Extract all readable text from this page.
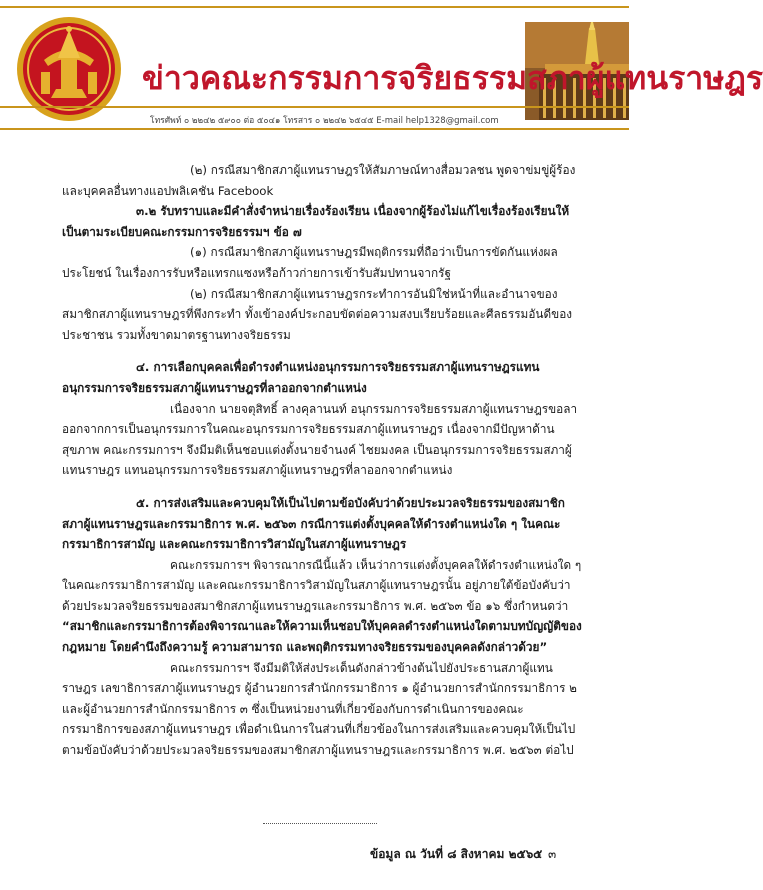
ข่าวคณะกรรมการจริยธรรมสภาผู้แทนราษฎร
โทรศัพท์ ๐ ๒๒๔๒ ๕๙๐๐ ต่อ ๕๐๔๑ โทรสาร ๐ ๒๒๔๒ ๖๕๔๕ E-mail help1328@gmail.com

(๒) กรณีสมาชิกสภาผู้แทนราษฎรให้สัมภาษณ์ทางสื่อมวลชน พูดจาข่มขู่ผู้ร้องและบุคคลอื่นทางแอปพลิเคชัน Facebook

๓.๒ รับทราบและมีคำสั่งจำหน่ายเรื่องร้องเรียน เนื่องจากผู้ร้องไม่แก้ไขเรื่องร้องเรียนให้เป็นตามระเบียบคณะกรรมการจริยธรรมฯ ข้อ ๗

(๑) กรณีสมาชิกสภาผู้แทนราษฎรมีพฤติกรรมที่ถือว่าเป็นการขัดกันแห่งผลประโยชน์ ในเรื่องการรับหรือแทรกแซงหรือก้าวก่ายการเข้ารับสัมปทานจากรัฐ

(๒) กรณีสมาชิกสภาผู้แทนราษฎรกระทำการอันมิใช่หน้าที่และอำนาจของสมาชิกสภาผู้แทนราษฎรที่พึงกระทำ ทั้งเข้าองค์ประกอบขัดต่อความสงบเรียบร้อยและศีลธรรมอันดีของประชาชน รวมทั้งขาดมาตรฐานทางจริยธรรม

๔. การเลือกบุคคลเพื่อดำรงตำแหน่งอนุกรรมการจริยธรรมสภาผู้แทนราษฎรแทนอนุกรรมการจริยธรรมสภาผู้แทนราษฎรที่ลาออกจากตำแหน่ง

เนื่องจาก นายจตุสิทธิ์ ลางคุลานนท์ อนุกรรมการจริยธรรมสภาผู้แทนราษฎรขอลาออกจากการเป็นอนุกรรมการในคณะอนุกรรมการจริยธรรมสภาผู้แทนราษฎร เนื่องจากมีปัญหาด้านสุขภาพ คณะกรรมการฯ จึงมีมติเห็นชอบแต่งตั้งนายจำนงค์ ไชยมงคล เป็นอนุกรรมการจริยธรรมสภาผู้แทนราษฎร แทนอนุกรรมการจริยธรรมสภาผู้แทนราษฎรที่ลาออกจากตำแหน่ง

๕. การส่งเสริมและควบคุมให้เป็นไปตามข้อบังคับว่าด้วยประมวลจริยธรรมของสมาชิกสภาผู้แทนราษฎรและกรรมาธิการ พ.ศ. ๒๕๖๓ กรณีการแต่งตั้งบุคคลให้ดำรงตำแหน่งใด ๆ ในคณะกรรมาธิการสามัญ และคณะกรรมาธิการวิสามัญในสภาผู้แทนราษฎร

คณะกรรมการฯ พิจารณากรณีนี้แล้ว เห็นว่าการแต่งตั้งบุคคลให้ดำรงตำแหน่งใด ๆ ในคณะกรรมาธิการสามัญ และคณะกรรมาธิการวิสามัญในสภาผู้แทนราษฎรนั้น อยู่ภายใต้ข้อบังคับว่าด้วยประมวลจริยธรรมของสมาชิกสภาผู้แทนราษฎรและกรรมาธิการ พ.ศ. ๒๕๖๓ ข้อ ๑๖ ซึ่งกำหนดว่า “สมาชิกและกรรมาธิการต้องพิจารณาและให้ความเห็นชอบให้บุคคลดำรงตำแหน่งใดตามบทบัญญัติของกฎหมาย โดยคำนึงถึงความรู้ ความสามารถ และพฤติกรรมทางจริยธรรมของบุคคลดังกล่าวด้วย”

คณะกรรมการฯ จึงมีมติให้ส่งประเด็นดังกล่าวข้างต้นไปยังประธานสภาผู้แทนราษฎร เลขาธิการสภาผู้แทนราษฎร ผู้อำนวยการสำนักกรรมาธิการ ๑ ผู้อำนวยการสำนักกรรมาธิการ ๒ และผู้อำนวยการสำนักกรรมาธิการ ๓ ซึ่งเป็นหน่วยงานที่เกี่ยวข้องกับการดำเนินการของคณะกรรมาธิการของสภาผู้แทนราษฎร เพื่อดำเนินการในส่วนที่เกี่ยวข้องในการส่งเสริมและควบคุมให้เป็นไปตามข้อบังคับว่าด้วยประมวลจริยธรรมของสมาชิกสภาผู้แทนราษฎรและกรรมาธิการ พ.ศ. ๒๕๖๓ ต่อไป

ข้อมูล ณ วันที่ ๘ สิงหาคม ๒๕๖๕ ๓
